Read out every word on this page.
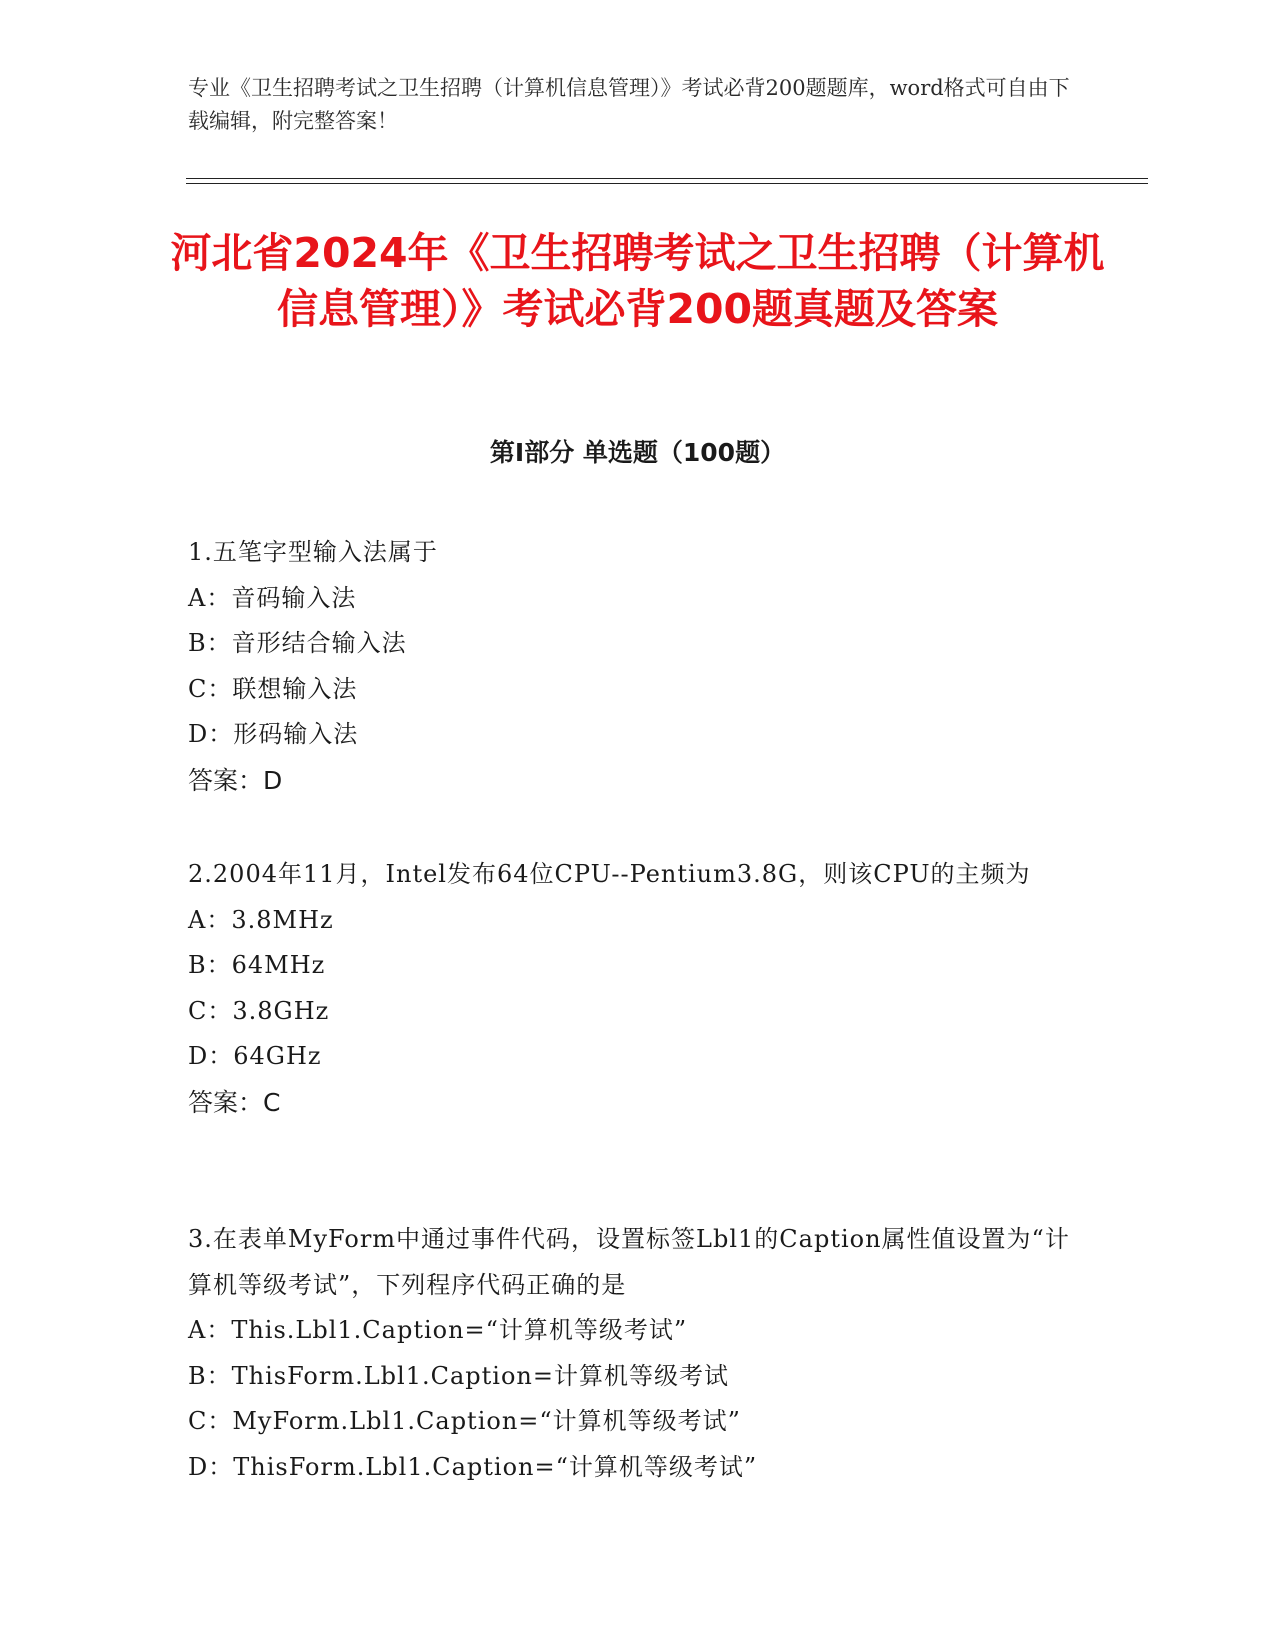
专业《卫生招聘考试之卫生招聘（计算机信息管理）》考试必背200题题库，word格式可自由下载编辑，附完整答案！
河北省2024年《卫生招聘考试之卫生招聘（计算机信息管理）》考试必背200题真题及答案
第Ⅰ部分 单选题（100题）
1.五笔字型输入法属于
A：音码输入法
B：音形结合输入法
C：联想输入法
D：形码输入法
答案：D
2.2004年11月，Intel发布64位CPU--Pentium3.8G，则该CPU的主频为
A：3.8MHz
B：64MHz
C：3.8GHz
D：64GHz
答案：C
3.在表单MyForm中通过事件代码，设置标签Lbl1的Caption属性值设置为“计算机等级考试”，下列程序代码正确的是
A：This.Lbl1.Caption=“计算机等级考试”
B：ThisForm.Lbl1.Caption=计算机等级考试
C：MyForm.Lbl1.Caption=“计算机等级考试”
D：ThisForm.Lbl1.Caption=“计算机等级考试”
